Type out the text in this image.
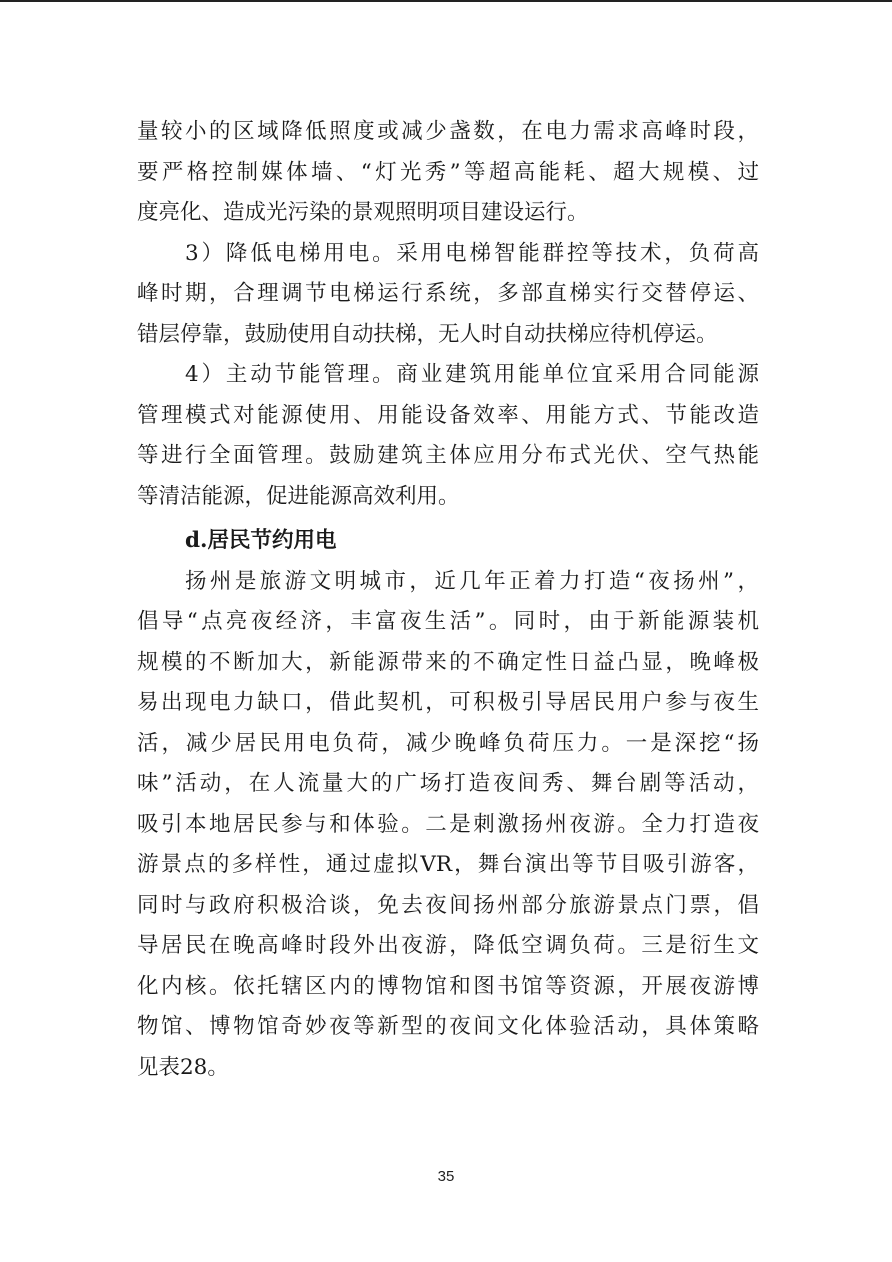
量较小的区域降低照度或减少盏数，在电力需求高峰时段，
要严格控制媒体墙、“灯光秀”等超高能耗、超大规模、过
度亮化、造成光污染的景观照明项目建设运行。
3）降低电梯用电。采用电梯智能群控等技术，负荷高
峰时期，合理调节电梯运行系统，多部直梯实行交替停运、
错层停靠，鼓励使用自动扶梯，无人时自动扶梯应待机停运。
4）主动节能管理。商业建筑用能单位宜采用合同能源
管理模式对能源使用、用能设备效率、用能方式、节能改造
等进行全面管理。鼓励建筑主体应用分布式光伏、空气热能
等清洁能源，促进能源高效利用。
d.居民节约用电
扬州是旅游文明城市，近几年正着力打造“夜扬州”，
倡导“点亮夜经济，丰富夜生活”。同时，由于新能源装机
规模的不断加大，新能源带来的不确定性日益凸显，晚峰极
易出现电力缺口，借此契机，可积极引导居民用户参与夜生
活，减少居民用电负荷，减少晚峰负荷压力。一是深挖“扬
味”活动，在人流量大的广场打造夜间秀、舞台剧等活动，
吸引本地居民参与和体验。二是刺激扬州夜游。全力打造夜
游景点的多样性，通过虚拟VR，舞台演出等节目吸引游客，
同时与政府积极洽谈，免去夜间扬州部分旅游景点门票，倡
导居民在晚高峰时段外出夜游，降低空调负荷。三是衍生文
化内核。依托辖区内的博物馆和图书馆等资源，开展夜游博
物馆、博物馆奇妙夜等新型的夜间文化体验活动，具体策略
见表28。
35
